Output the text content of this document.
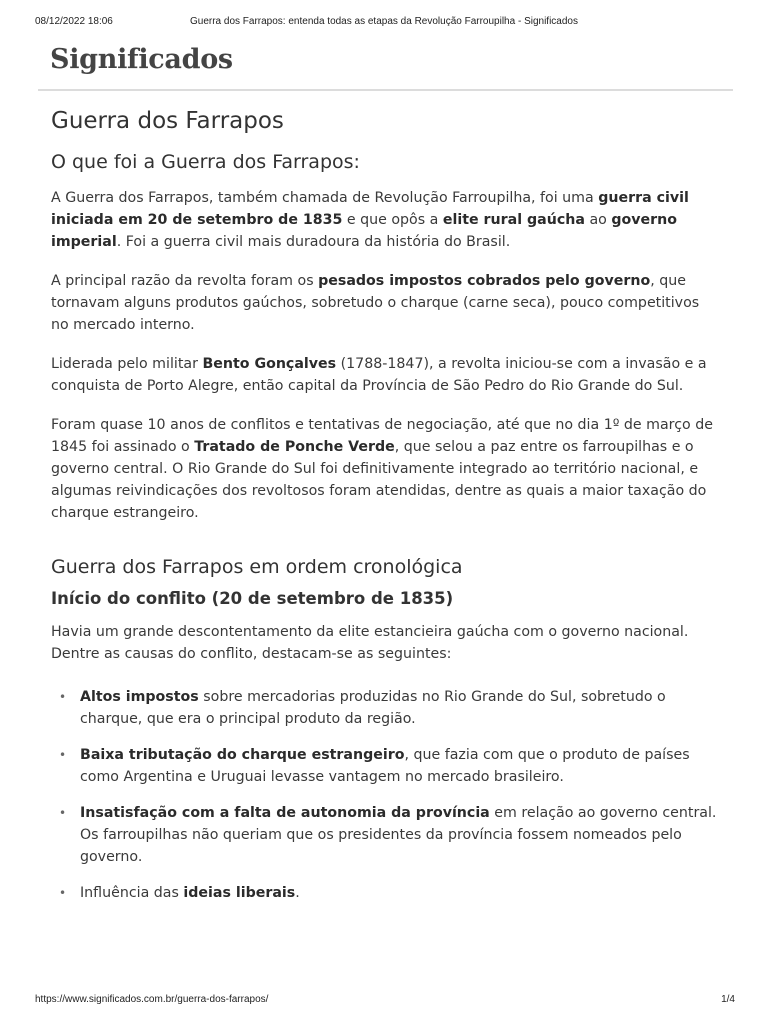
08/12/2022 18:06	Guerra dos Farrapos: entenda todas as etapas da Revolução Farroupilha - Significados
Significados
Guerra dos Farrapos
O que foi a Guerra dos Farrapos:

A Guerra dos Farrapos, também chamada de Revolução Farroupilha, foi uma guerra civil iniciada em 20 de setembro de 1835 e que opôs a elite rural gaúcha ao governo imperial. Foi a guerra civil mais duradoura da história do Brasil.

A principal razão da revolta foram os pesados impostos cobrados pelo governo, que tornavam alguns produtos gaúchos, sobretudo o charque (carne seca), pouco competitivos no mercado interno.

Liderada pelo militar Bento Gonçalves (1788-1847), a revolta iniciou-se com a invasão e a conquista de Porto Alegre, então capital da Província de São Pedro do Rio Grande do Sul.

Foram quase 10 anos de conflitos e tentativas de negociação, até que no dia 1º de março de 1845 foi assinado o Tratado de Ponche Verde, que selou a paz entre os farroupilhas e o governo central. O Rio Grande do Sul foi definitivamente integrado ao território nacional, e algumas reivindicações dos revoltosos foram atendidas, dentre as quais a maior taxação do charque estrangeiro.

Guerra dos Farrapos em ordem cronológica
Início do conflito (20 de setembro de 1835)

Havia um grande descontentamento da elite estancieira gaúcha com o governo nacional. Dentre as causas do conflito, destacam-se as seguintes:

• Altos impostos sobre mercadorias produzidas no Rio Grande do Sul, sobretudo o charque, que era o principal produto da região.
• Baixa tributação do charque estrangeiro, que fazia com que o produto de países como Argentina e Uruguai levasse vantagem no mercado brasileiro.
• Insatisfação com a falta de autonomia da província em relação ao governo central. Os farroupilhas não queriam que os presidentes da província fossem nomeados pelo governo.
• Influência das ideias liberais.
https://www.significados.com.br/guerra-dos-farrapos/	1/4
